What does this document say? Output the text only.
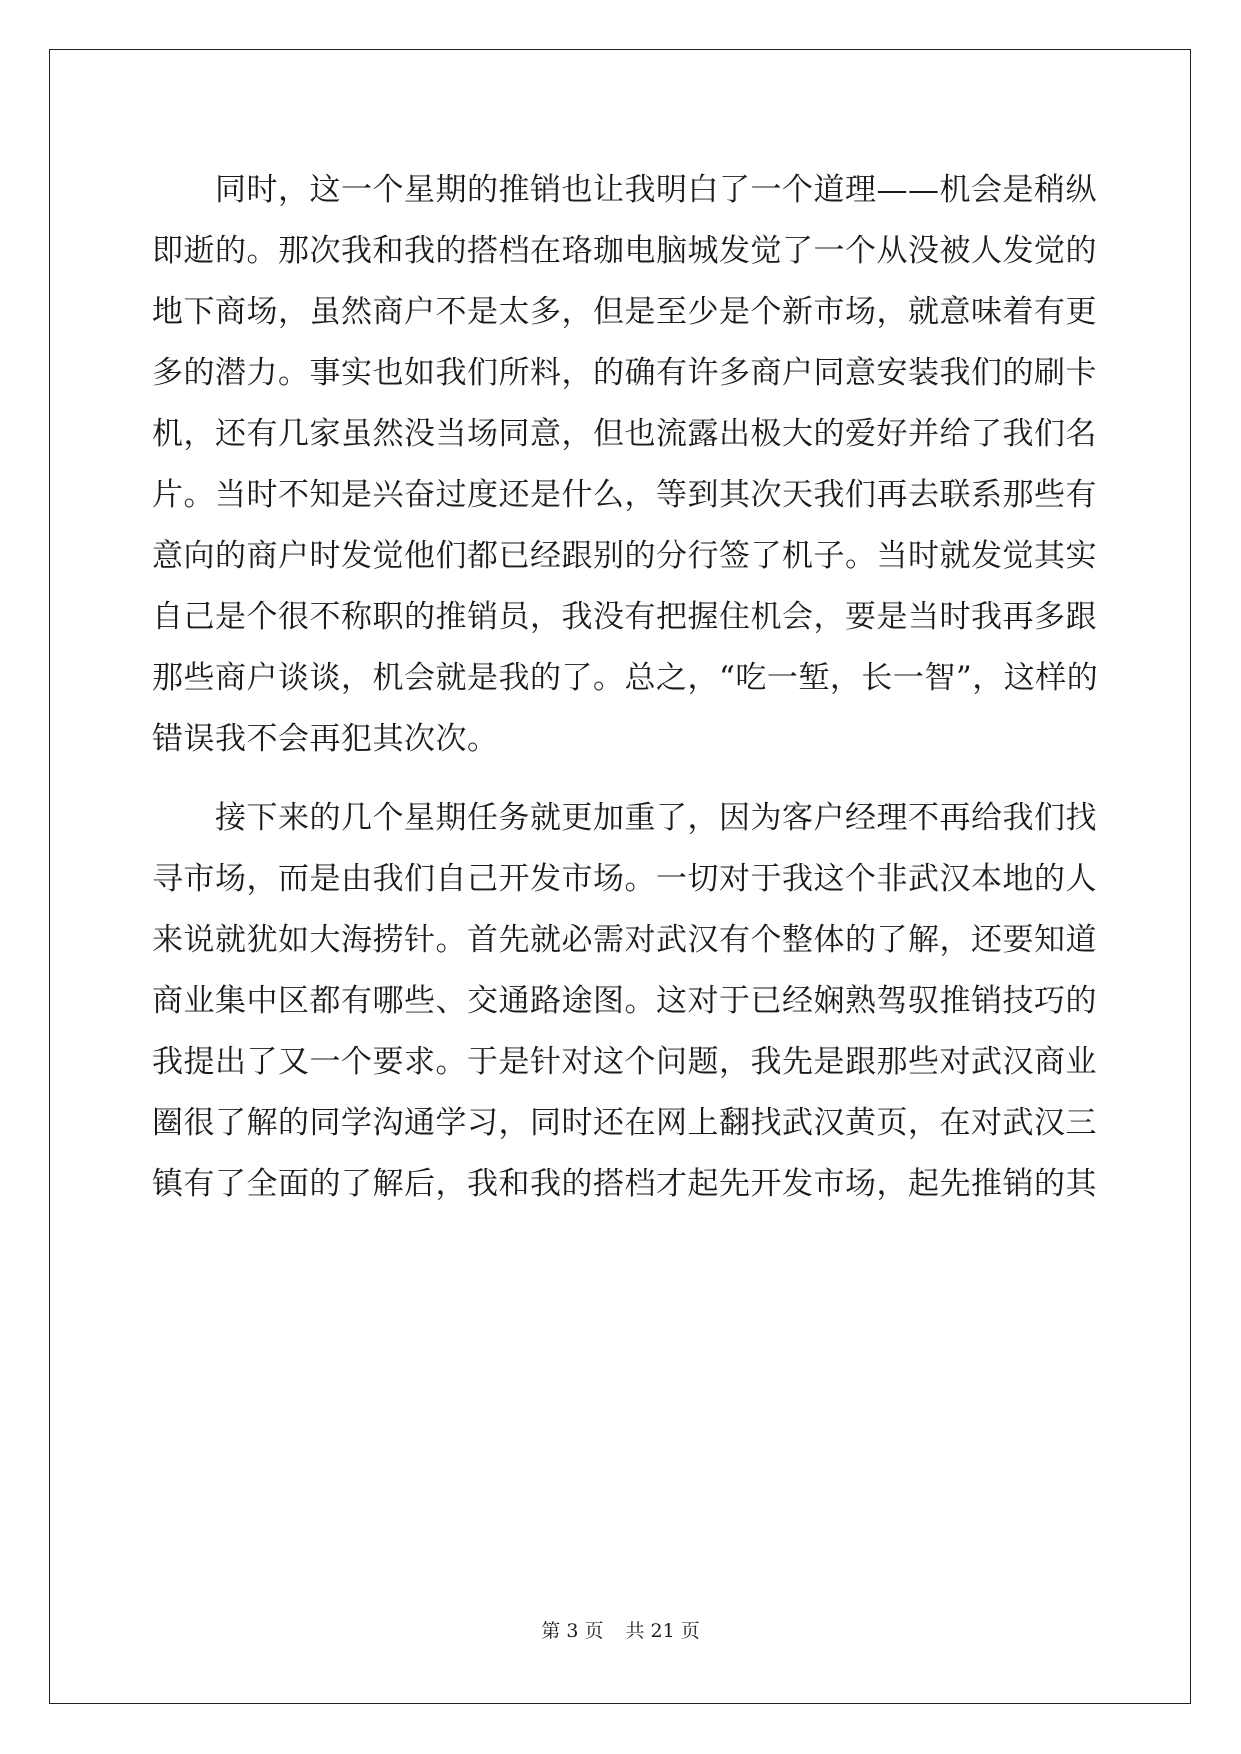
　　同时，这一个星期的推销也让我明白了一个道理——机会是稍纵
即逝的。那次我和我的搭档在珞珈电脑城发觉了一个从没被人发觉的
地下商场，虽然商户不是太多，但是至少是个新市场，就意味着有更
多的潜力。事实也如我们所料，的确有许多商户同意安装我们的刷卡
机，还有几家虽然没当场同意，但也流露出极大的爱好并给了我们名
片。当时不知是兴奋过度还是什么，等到其次天我们再去联系那些有
意向的商户时发觉他们都已经跟别的分行签了机子。当时就发觉其实
自己是个很不称职的推销员，我没有把握住机会，要是当时我再多跟
那些商户谈谈，机会就是我的了。总之，“吃一堑，长一智”，这样的
错误我不会再犯其次次。
　　接下来的几个星期任务就更加重了，因为客户经理不再给我们找
寻市场，而是由我们自己开发市场。一切对于我这个非武汉本地的人
来说就犹如大海捞针。首先就必需对武汉有个整体的了解，还要知道
商业集中区都有哪些、交通路途图。这对于已经娴熟驾驭推销技巧的
我提出了又一个要求。于是针对这个问题，我先是跟那些对武汉商业
圈很了解的同学沟通学习，同时还在网上翻找武汉黄页，在对武汉三
镇有了全面的了解后，我和我的搭档才起先开发市场，起先推销的其
第 3 页 共 21 页
